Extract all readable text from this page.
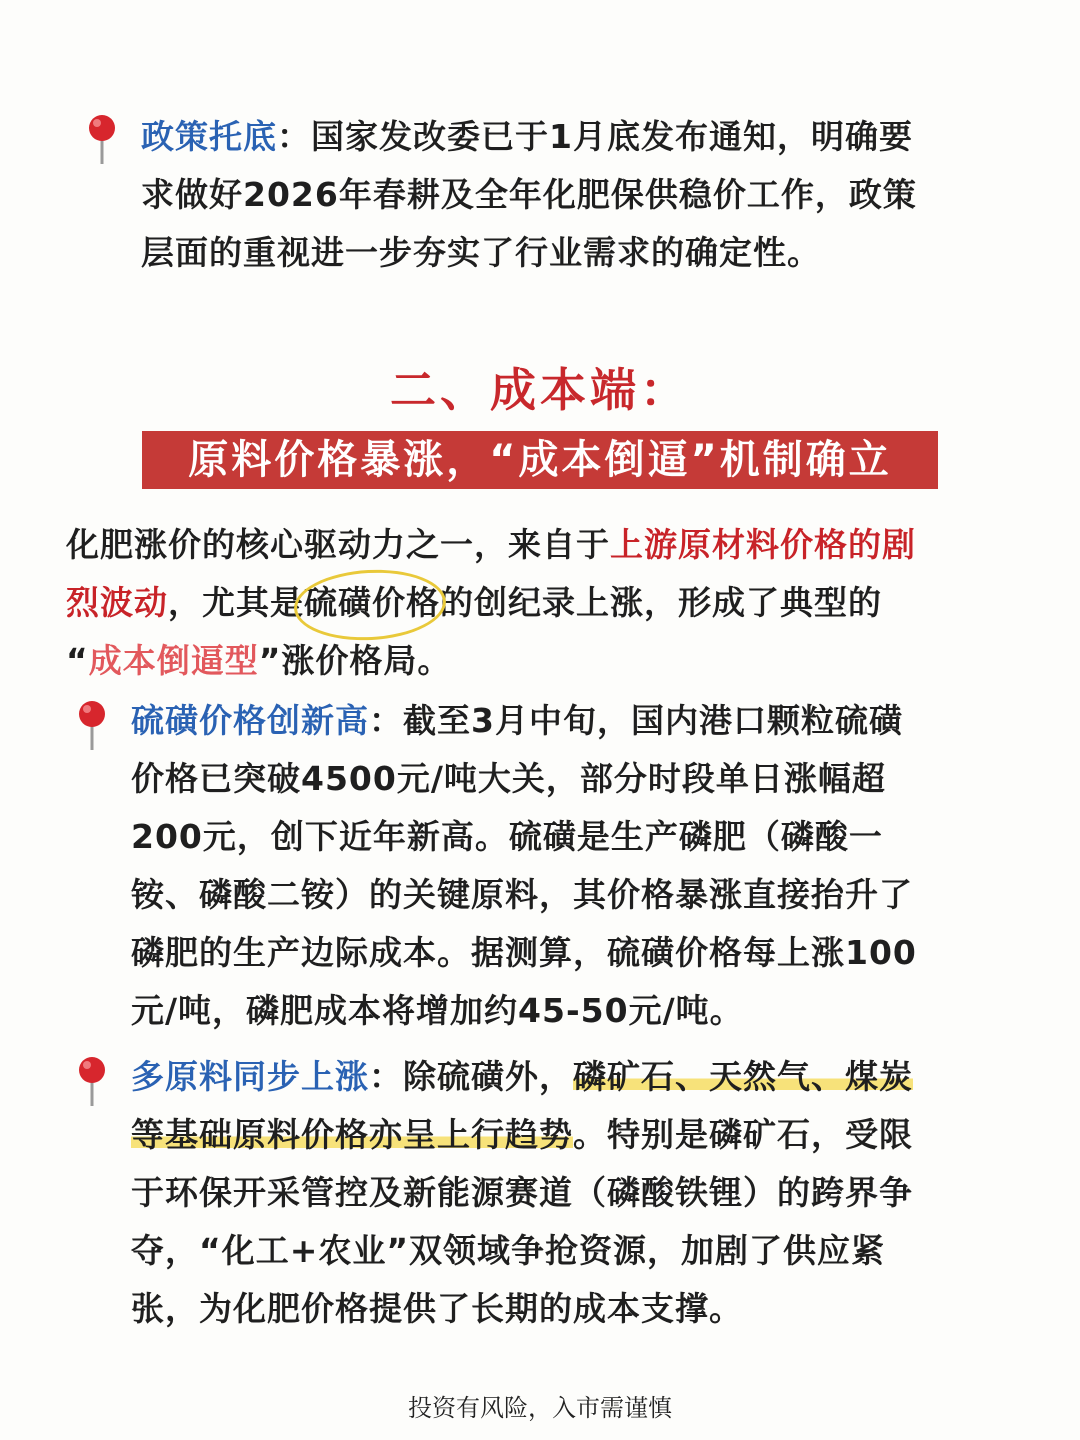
政策托底：国家发改委已于1月底发布通知，明确要

求做好2026年春耕及全年化肥保供稳价工作，政策

层面的重视进一步夯实了行业需求的确定性。

二、成本端：
原料价格暴涨，“成本倒逼”机制确立

化肥涨价的核心驱动力之一，来自于上游原材料价格的剧

烈波动，尤其是硫磺价格的创纪录上涨，形成了典型的

“成本倒逼型”涨价格局。

硫磺价格创新高：截至3月中旬，国内港口颗粒硫磺

价格已突破4500元/吨大关，部分时段单日涨幅超

200元，创下近年新高。硫磺是生产磷肥（磷酸一

铵、磷酸二铵）的关键原料，其价格暴涨直接抬升了

磷肥的生产边际成本。据测算，硫磺价格每上涨100

元/吨，磷肥成本将增加约45-50元/吨。

多原料同步上涨：除硫磺外，磷矿石、天然气、煤炭

等基础原料价格亦呈上行趋势。特别是磷矿石，受限

于环保开采管控及新能源赛道（磷酸铁锂）的跨界争

夺，“化工+农业”双领域争抢资源，加剧了供应紧

张，为化肥价格提供了长期的成本支撑。

投资有风险，入市需谨慎
